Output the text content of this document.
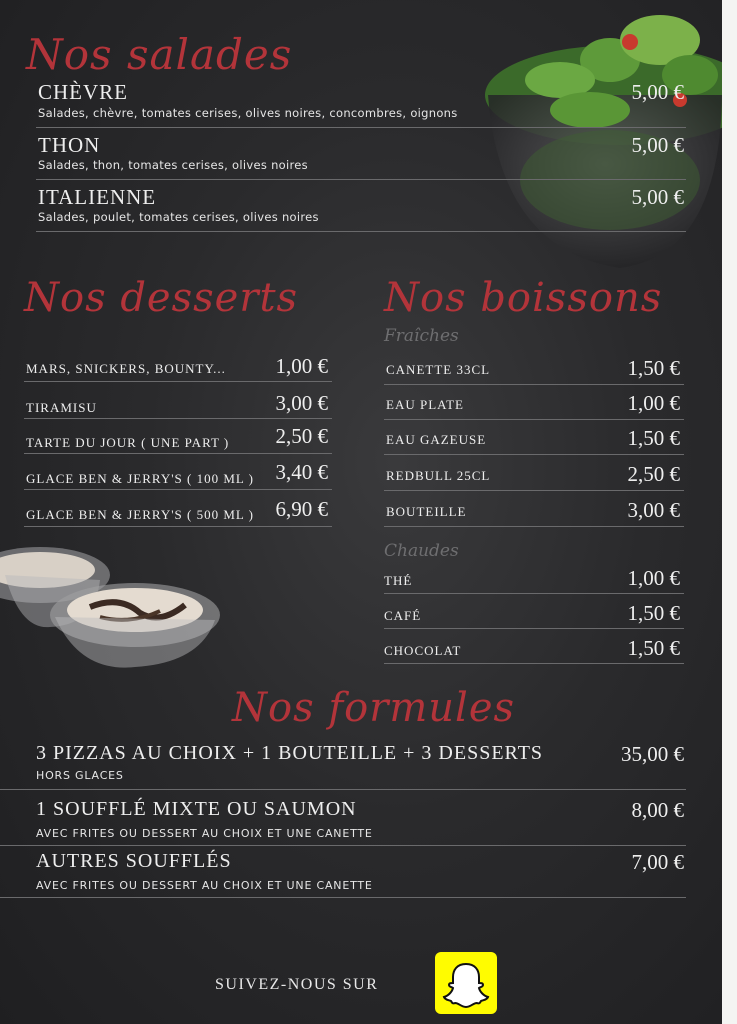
Nos salades
CHÈVRE
Salades, chèvre, tomates cerises, olives noires, concombres, oignons
5,00 €
THON
Salades, thon, tomates cerises, olives noires
5,00 €
ITALIENNE
Salades, poulet, tomates cerises, olives noires
5,00 €
Nos desserts
MARS, SNICKERS, BOUNTY...	1,00 €
TIRAMISU	3,00 €
TARTE DU JOUR ( UNE PART )	2,50 €
GLACE BEN & JERRY'S ( 100 ML )	3,40 €
GLACE BEN & JERRY'S ( 500 ML )	6,90 €
Nos boissons
Fraîches
CANETTE 33CL	1,50 €
EAU PLATE	1,00 €
EAU GAZEUSE	1,50 €
REDBULL 25CL	2,50 €
BOUTEILLE	3,00 €
Chaudes
THÉ	1,00 €
CAFÉ	1,50 €
CHOCOLAT	1,50 €
Nos formules
3 PIZZAS AU CHOIX + 1 BOUTEILLE + 3 DESSERTS
HORS GLACES
35,00 €
1 SOUFFLÉ MIXTE OU SAUMON
AVEC FRITES OU DESSERT AU CHOIX ET UNE CANETTE
8,00 €
AUTRES SOUFFLÉS
AVEC FRITES OU DESSERT AU CHOIX ET UNE CANETTE
7,00 €
SUIVEZ-NOUS SUR
